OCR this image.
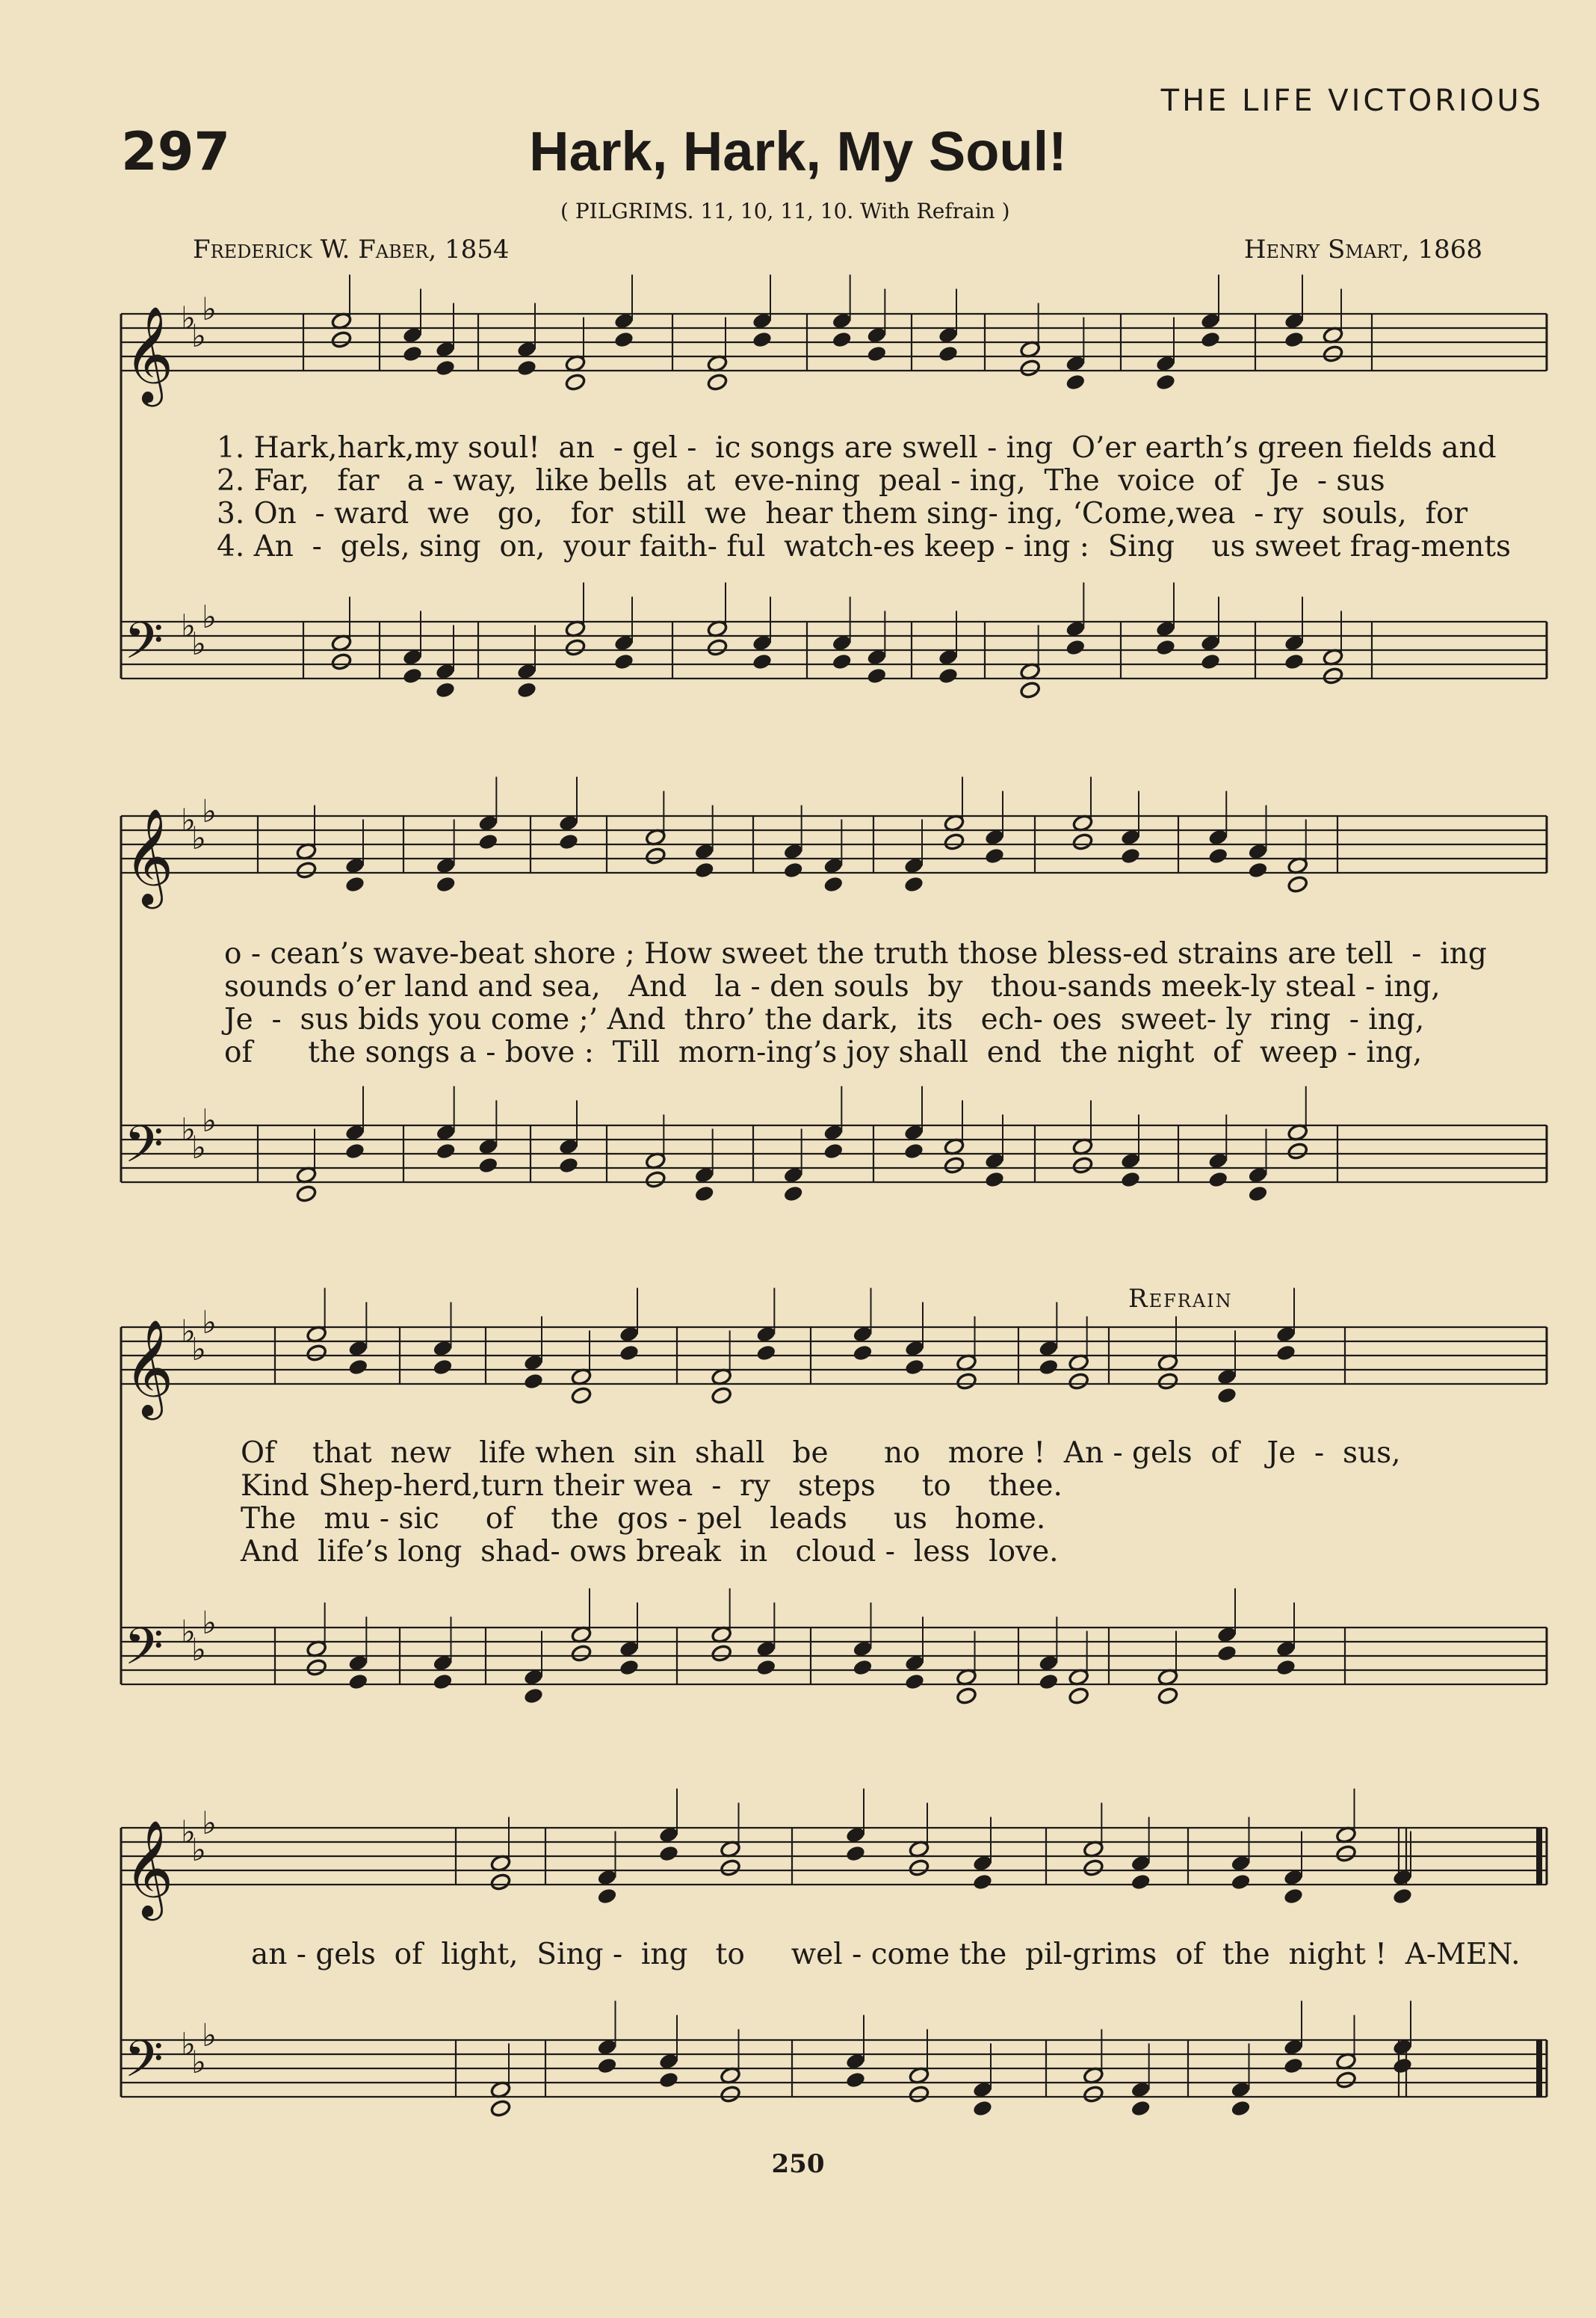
THE LIFE VICTORIOUS
297	Hark, Hark, My Soul!
( PILGRIMS. 11, 10, 11, 10. With Refrain )
Frederick W. Faber, 1854	Henry Smart, 1868
𝄞 ♭
♭
♭
𝄢 ♭
♭
♭
𝄞 ♭
♭
♭
𝄢 ♭
♭
♭
𝄞 ♭
♭
♭
𝄢 ♭
♭
♭
𝄞 ♭
♭
♭
𝄢 ♭
♭
♭
1. Hark,hark,my soul!  an  - gel -  ic songs are swell - ing  O’er earth’s green fields and
2. Far,   far   a - way,  like bells  at  eve-ning  peal - ing,  The  voice  of   Je  - sus
3. On  - ward  we   go,   for  still  we  hear them sing- ing, ‘Come,wea  - ry  souls,  for
4. An  -  gels, sing  on,  your faith- ful  watch-es keep - ing :  Sing    us sweet frag-ments
o - cean’s wave-beat shore ; How sweet the truth those bless-ed strains are tell  -  ing
sounds o’er land and sea,   And   la - den souls  by   thou-sands meek-ly steal - ing,
Je  -  sus bids you come ;’ And  thro’ the dark,  its   ech- oes  sweet- ly  ring  - ing,
of      the songs a - bove :  Till  morn-ing’s joy shall  end  the night  of  weep - ing,
Refrain
Of    that  new   life when  sin  shall   be      no   more !  An - gels  of   Je  -  sus,
Kind Shep-herd,turn their wea  -  ry   steps     to    thee.
The   mu - sic     of    the  gos - pel   leads     us   home.
And  life’s long  shad- ows break  in   cloud -  less  love.
an - gels  of  light,  Sing -  ing   to     wel - come the  pil-grims  of  the  night !  A-MEN.
250
